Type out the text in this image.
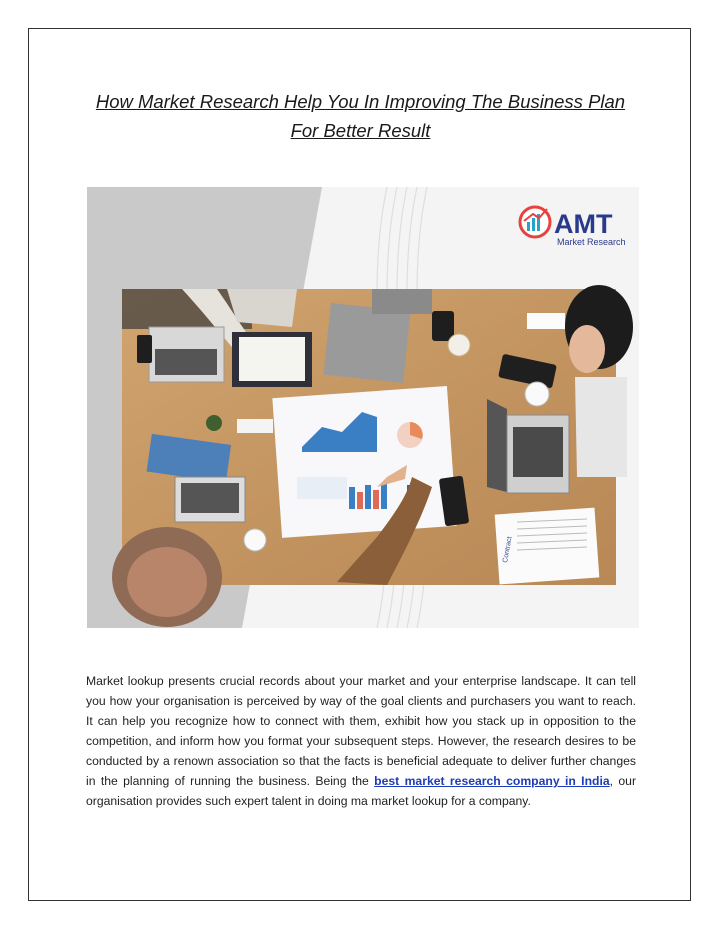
How Market Research Help You In Improving The Business Plan
For Better Result
AMT
Market Research
Contract
Market lookup presents crucial records about your market and your enterprise landscape. It can tell you how your organisation is perceived by way of the goal clients and purchasers you want to reach. It can help you recognize how to connect with them, exhibit how you stack up in opposition to the competition, and inform how you format your subsequent steps. However, the research desires to be conducted by a renown association so that the facts is beneficial adequate to deliver further changes in the planning of running the business. Being the best market research company in India, our organisation provides such expert talent in doing ma market lookup for a company.
